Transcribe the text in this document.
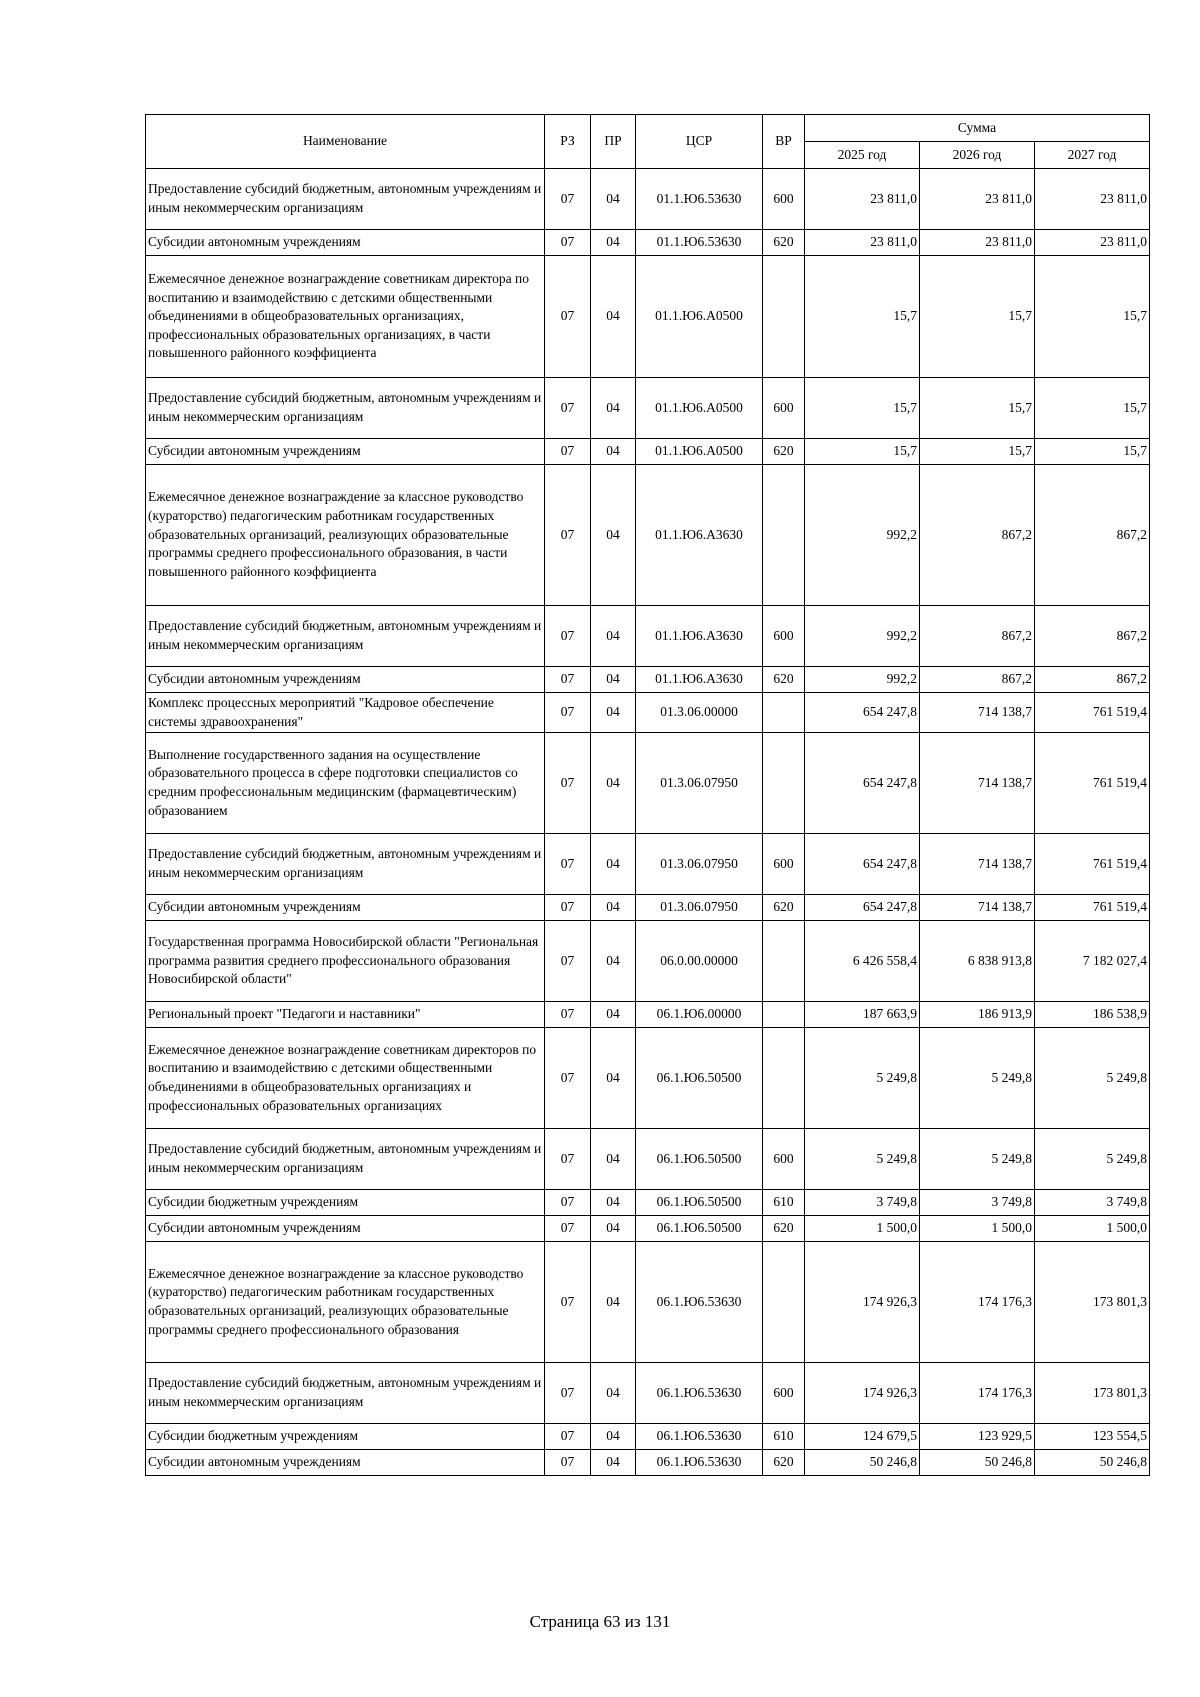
Наименование	РЗ	ПР	ЦСР	ВР	Сумма		
					2025 год	2026 год	2027 год
Предоставление субсидий бюджетным, автономным учреждениям и иным некоммерческим организациям	07	04	01.1.Ю6.53630	600	23 811,0	23 811,0	23 811,0
Субсидии автономным учреждениям	07	04	01.1.Ю6.53630	620	23 811,0	23 811,0	23 811,0
Ежемесячное денежное вознаграждение советникам директора по воспитанию и взаимодействию с детскими общественными объединениями в общеобразовательных организациях, профессиональных образовательных организациях, в части повышенного районного коэффициента	07	04	01.1.Ю6.А0500		15,7	15,7	15,7
Предоставление субсидий бюджетным, автономным учреждениям и иным некоммерческим организациям	07	04	01.1.Ю6.А0500	600	15,7	15,7	15,7
Субсидии автономным учреждениям	07	04	01.1.Ю6.А0500	620	15,7	15,7	15,7
Ежемесячное денежное вознаграждение за классное руководство (кураторство) педагогическим работникам государственных образовательных организаций, реализующих образовательные программы среднего профессионального образования, в части повышенного районного коэффициента	07	04	01.1.Ю6.А3630		992,2	867,2	867,2
Предоставление субсидий бюджетным, автономным учреждениям и иным некоммерческим организациям	07	04	01.1.Ю6.А3630	600	992,2	867,2	867,2
Субсидии автономным учреждениям	07	04	01.1.Ю6.А3630	620	992,2	867,2	867,2
Комплекс процессных мероприятий "Кадровое обеспечение системы здравоохранения"	07	04	01.3.06.00000		654 247,8	714 138,7	761 519,4
Выполнение государственного задания на осуществление образовательного процесса в сфере подготовки специалистов со средним профессиональным медицинским (фармацевтическим) образованием	07	04	01.3.06.07950		654 247,8	714 138,7	761 519,4
Предоставление субсидий бюджетным, автономным учреждениям и иным некоммерческим организациям	07	04	01.3.06.07950	600	654 247,8	714 138,7	761 519,4
Субсидии автономным учреждениям	07	04	01.3.06.07950	620	654 247,8	714 138,7	761 519,4
Государственная программа Новосибирской области "Региональная программа развития среднего профессионального образования Новосибирской области"	07	04	06.0.00.00000		6 426 558,4	6 838 913,8	7 182 027,4
Региональный проект "Педагоги и наставники"	07	04	06.1.Ю6.00000		187 663,9	186 913,9	186 538,9
Ежемесячное денежное вознаграждение советникам директоров по воспитанию и взаимодействию с детскими общественными объединениями в общеобразовательных организациях и профессиональных образовательных организациях	07	04	06.1.Ю6.50500		5 249,8	5 249,8	5 249,8
Предоставление субсидий бюджетным, автономным учреждениям и иным некоммерческим организациям	07	04	06.1.Ю6.50500	600	5 249,8	5 249,8	5 249,8
Субсидии бюджетным учреждениям	07	04	06.1.Ю6.50500	610	3 749,8	3 749,8	3 749,8
Субсидии автономным учреждениям	07	04	06.1.Ю6.50500	620	1 500,0	1 500,0	1 500,0
Ежемесячное денежное вознаграждение за классное руководство (кураторство) педагогическим работникам государственных образовательных организаций, реализующих образовательные программы среднего профессионального образования	07	04	06.1.Ю6.53630		174 926,3	174 176,3	173 801,3
Предоставление субсидий бюджетным, автономным учреждениям и иным некоммерческим организациям	07	04	06.1.Ю6.53630	600	174 926,3	174 176,3	173 801,3
Субсидии бюджетным учреждениям	07	04	06.1.Ю6.53630	610	124 679,5	123 929,5	123 554,5
Субсидии автономным учреждениям	07	04	06.1.Ю6.53630	620	50 246,8	50 246,8	50 246,8
Страница 63 из 131
